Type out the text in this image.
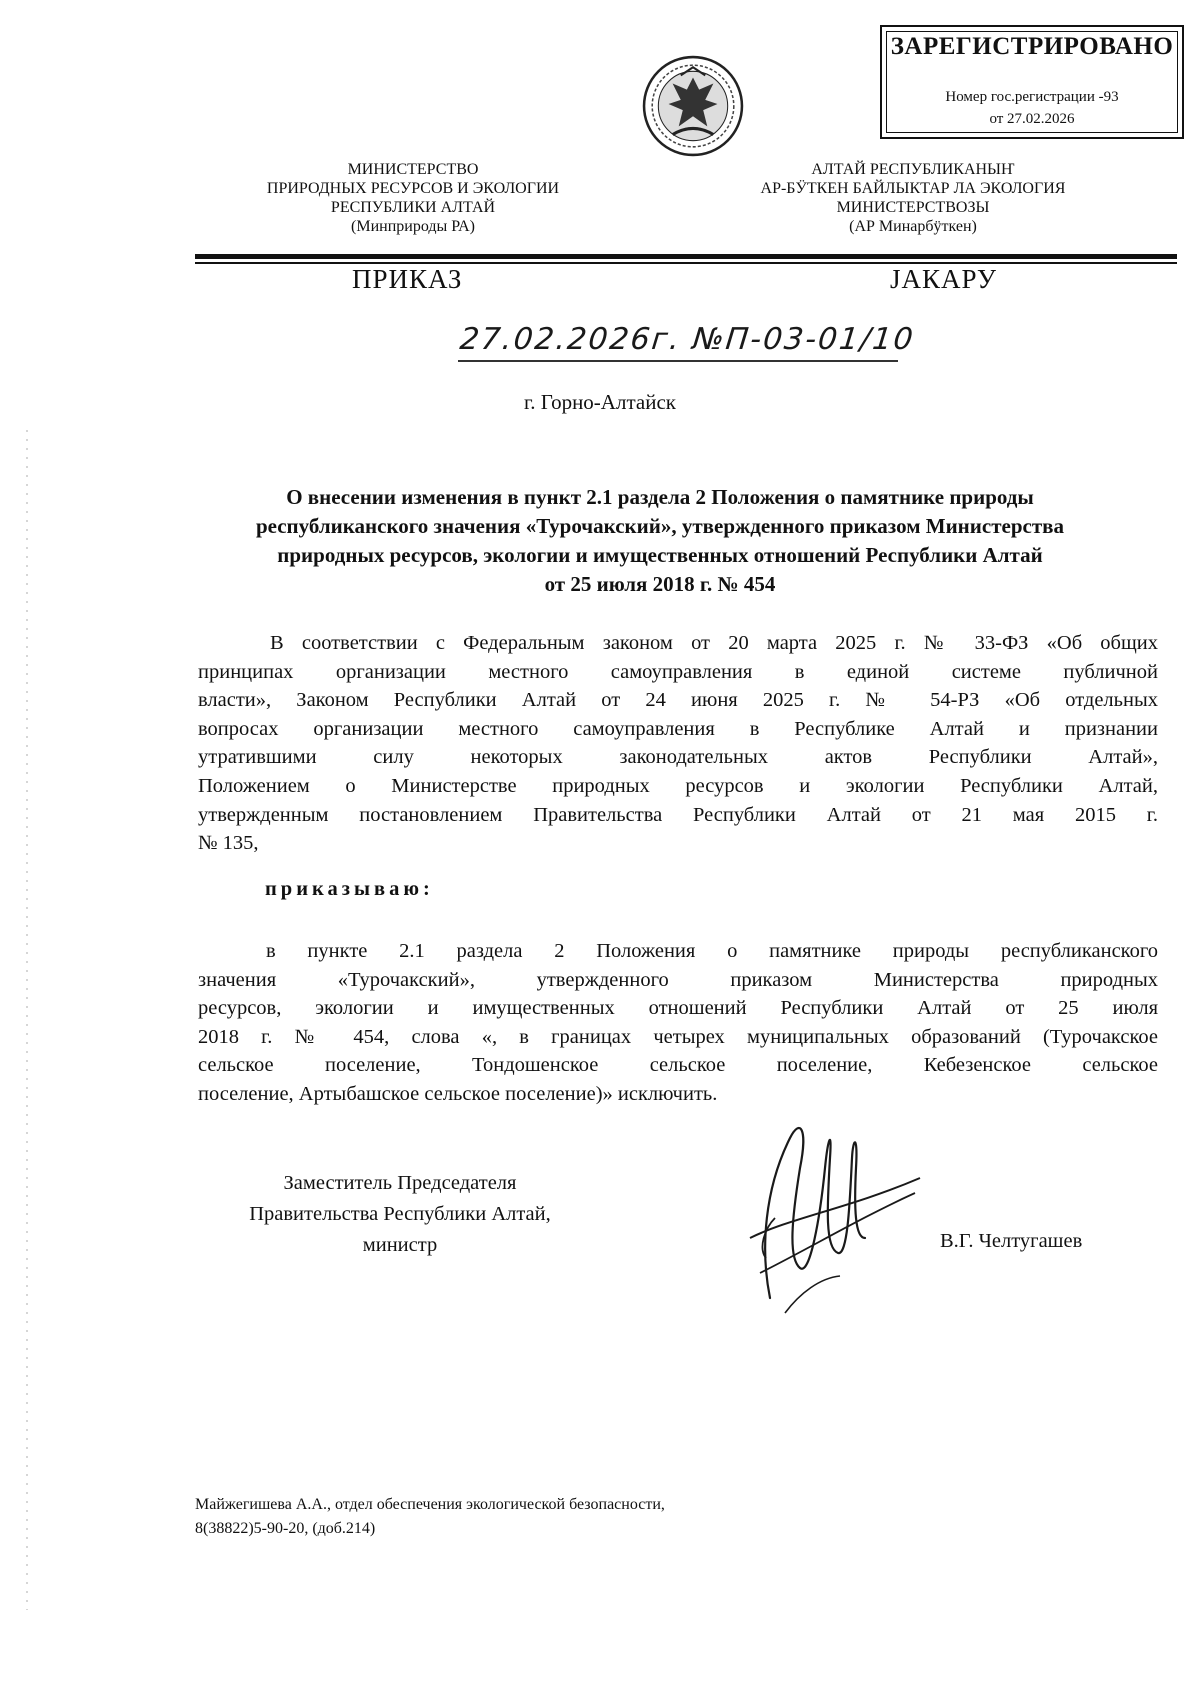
ЗАРЕГИСТРИРОВАНО
Номер гос.регистрации -93
от 27.02.2026
МИНИСТЕРСТВО
ПРИРОДНЫХ РЕСУРСОВ И ЭКОЛОГИИ
РЕСПУБЛИКИ АЛТАЙ
(Минприроды РА)
АЛТАЙ РЕСПУБЛИКАНЫҤ
АР-БӰТКЕН БАЙЛЫКТАР ЛА ЭКОЛОГИЯ
МИНИСТЕРСТВОЗЫ
(АР Минарбӱткен)
ПРИКАЗ	ЈАКАРУ
27.02.2026г. №П-03-01/10
г. Горно-Алтайск
О внесении изменения в пункт 2.1 раздела 2 Положения о памятнике природы
республиканского значения «Турочакский», утвержденного приказом Министерства
природных ресурсов, экологии и имущественных отношений Республики Алтай
от 25 июля 2018 г. № 454
В соответствии с Федеральным законом от 20 марта 2025 г. № 33-ФЗ «Об общих
принципах организации местного самоуправления в единой системе публичной
власти», Законом Республики Алтай от 24 июня 2025 г. № 54-РЗ «Об отдельных
вопросах организации местного самоуправления в Республике Алтай и признании
утратившими силу некоторых законодательных актов Республики Алтай»,
Положением о Министерстве природных ресурсов и экологии Республики Алтай,
утвержденным постановлением Правительства Республики Алтай от 21 мая 2015 г.
№ 135,
приказываю:
в пункте 2.1 раздела 2 Положения о памятнике природы республиканского
значения «Турочакский», утвержденного приказом Министерства природных
ресурсов, экологии и имущественных отношений Республики Алтай от 25 июля
2018 г. № 454, слова «, в границах четырех муниципальных образований (Турочакское
сельское поселение, Тондошенское сельское поселение, Кебезенское сельское
поселение, Артыбашское сельское поселение)» исключить.
Заместитель Председателя
Правительства Республики Алтай,
министр	В.Г. Челтугашев
Майжегишева А.А., отдел обеспечения экологической безопасности,
8(38822)5-90-20, (доб.214)
